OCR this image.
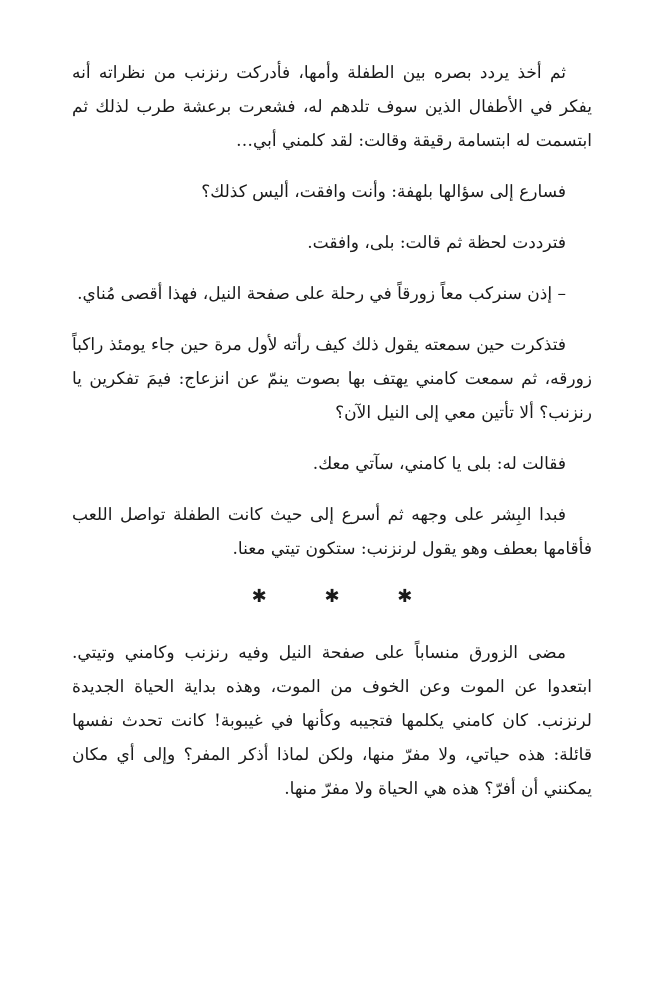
ثم أخذ يردد بصره بين الطفلة وأمها، فأدركت رنزنب من نظراته أنه يفكر في الأطفال الذين سوف تلدهم له، فشعرت برعشة طرب لذلك ثم ابتسمت له ابتسامة رقيقة وقالت: لقد كلمني أبي…

فسارع إلى سؤالها بلهفة: وأنت وافقت، أليس كذلك؟

فترددت لحظة ثم قالت: بلى، وافقت.

– إذن سنركب معاً زورقاً في رحلة على صفحة النيل، فهذا أقصى مُناي.

فتذكرت حين سمعته يقول ذلك كيف رأته لأول مرة حين جاء يومئذ راكباً زورقه، ثم سمعت كامني يهتف بها بصوت ينمّ عن انزعاج: فيمَ تفكرين يا رنزنب؟ ألا تأتين معي إلى النيل الآن؟

فقالت له: بلى يا كامني، سآتي معك.

فبدا البِشر على وجهه ثم أسرع إلى حيث كانت الطفلة تواصل اللعب فأقامها بعطف وهو يقول لرنزنب: ستكون تيتي معنا.

✱ ✱ ✱

مضى الزورق منساباً على صفحة النيل وفيه رنزنب وكامني وتيتي. ابتعدوا عن الموت وعن الخوف من الموت، وهذه بداية الحياة الجديدة لرنزنب. كان كامني يكلمها فتجيبه وكأنها في غيبوبة! كانت تحدث نفسها قائلة: هذه حياتي، ولا مفرّ منها، ولكن لماذا أذكر المفر؟ وإلى أي مكان يمكنني أن أفرّ؟ هذه هي الحياة ولا مفرّ منها.
